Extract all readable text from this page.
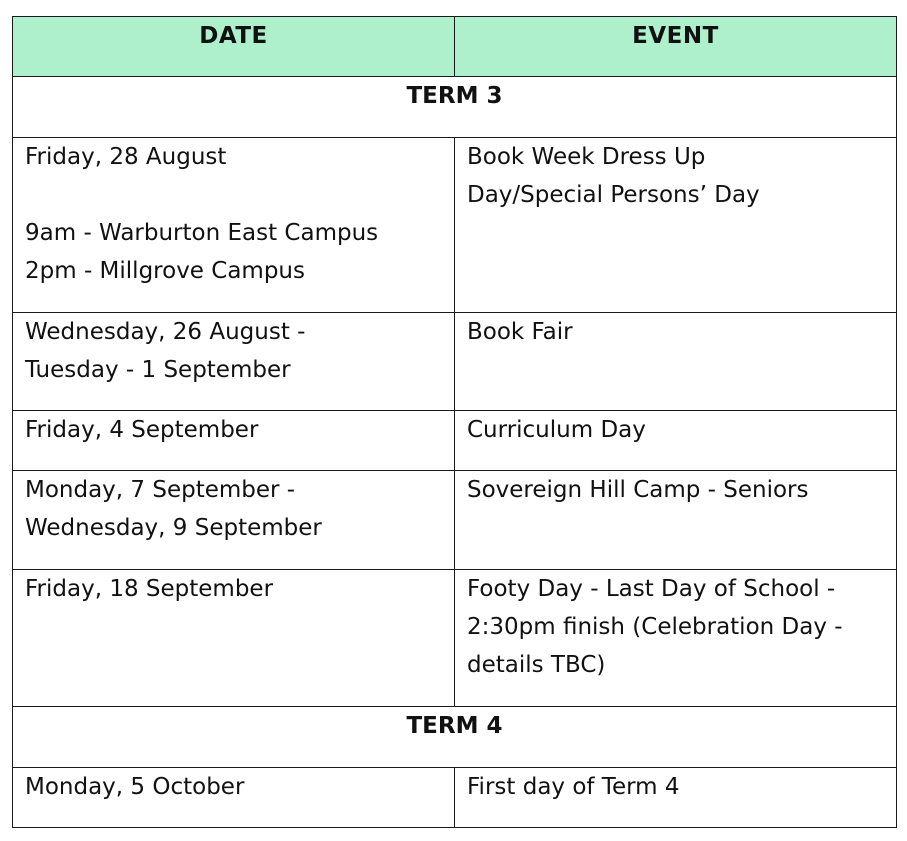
DATE	EVENT
TERM 3	

Friday, 28 August
9am - Warburton East Campus
2pm - Millgrove Campus	Book Week Dress Up
Day/Special Persons’ Day

Wednesday, 26 August -
Tuesday - 1 September	Book Fair

Friday, 4 September	Curriculum Day

Monday, 7 September -
Wednesday, 9 September	Sovereign Hill Camp - Seniors

Friday, 18 September	Footy Day - Last Day of School -
2:30pm finish (Celebration Day -
details TBC)

TERM 4	

Monday, 5 October	First day of Term 4
